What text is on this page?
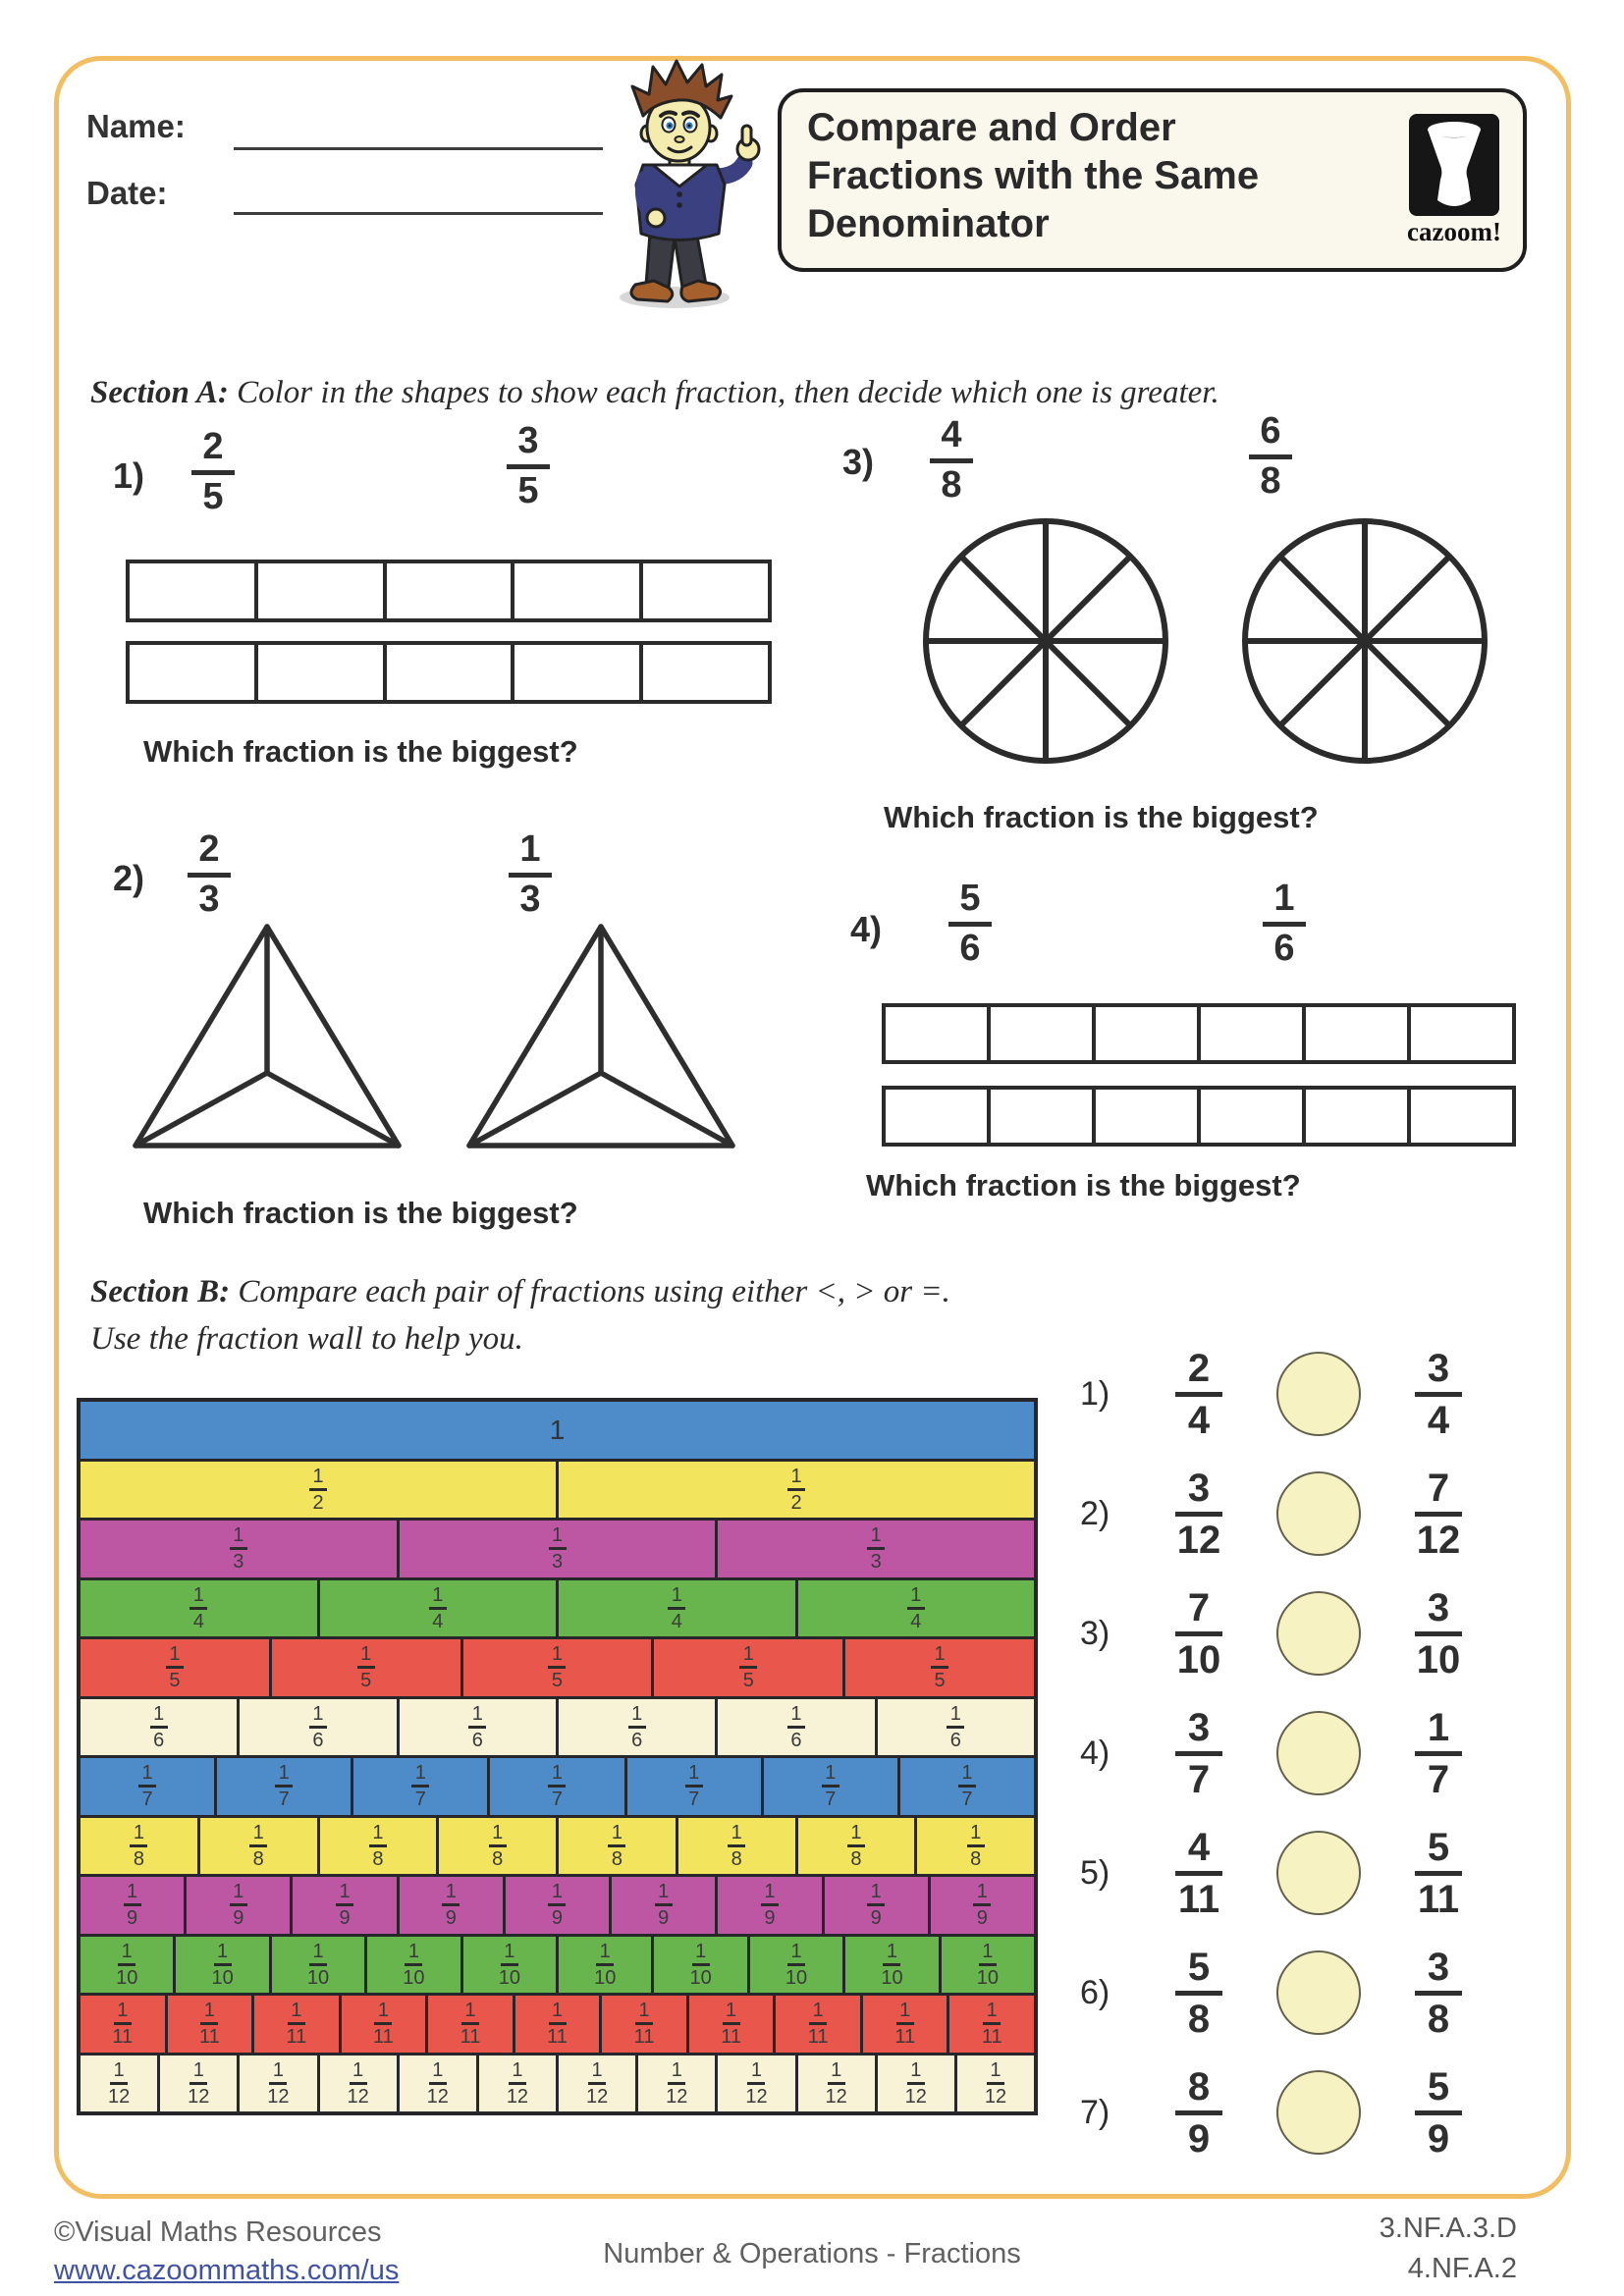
Name:
Date:
Compare and Order Fractions with the Same Denominator	cazoom!
Section A: Color in the shapes to show each fraction, then decide which one is greater.
1)
2
5
3
5
Which fraction is the biggest?
3)
4
8
6
8
Which fraction is the biggest?
2)
2
3
1
3
Which fraction is the biggest?
4)
5
6
1
6
Which fraction is the biggest?
Section B: Compare each pair of fractions using either <, > or =.
Use the fraction wall to help you.
1
1
2
1
2
1
3
1
3
1
3
1
4
1
4
1
4
1
4
1
5
1
5
1
5
1
5
1
5
1
6
1
6
1
6
1
6
1
6
1
6
1
7
1
7
1
7
1
7
1
7
1
7
1
7
1
8
1
8
1
8
1
8
1
8
1
8
1
8
1
8
1
9
1
9
1
9
1
9
1
9
1
9
1
9
1
9
1
9
1
10
1
10
1
10
1
10
1
10
1
10
1
10
1
10
1
10
1
10
1
11
1
11
1
11
1
11
1
11
1
11
1
11
1
11
1
11
1
11
1
11
1
12
1
12
1
12
1
12
1
12
1
12
1
12
1
12
1
12
1
12
1
12
1
12
1)
2
4
3
4
2)
3
12
7
12
3)
7
10
3
10
4)
3
7
1
7
5)
4
11
5
11
6)
5
8
3
8
7)
8
9
5
9
©Visual Maths Resources
www.cazoommaths.com/us
Number & Operations - Fractions
3.NF.A.3.D
4.NF.A.2
